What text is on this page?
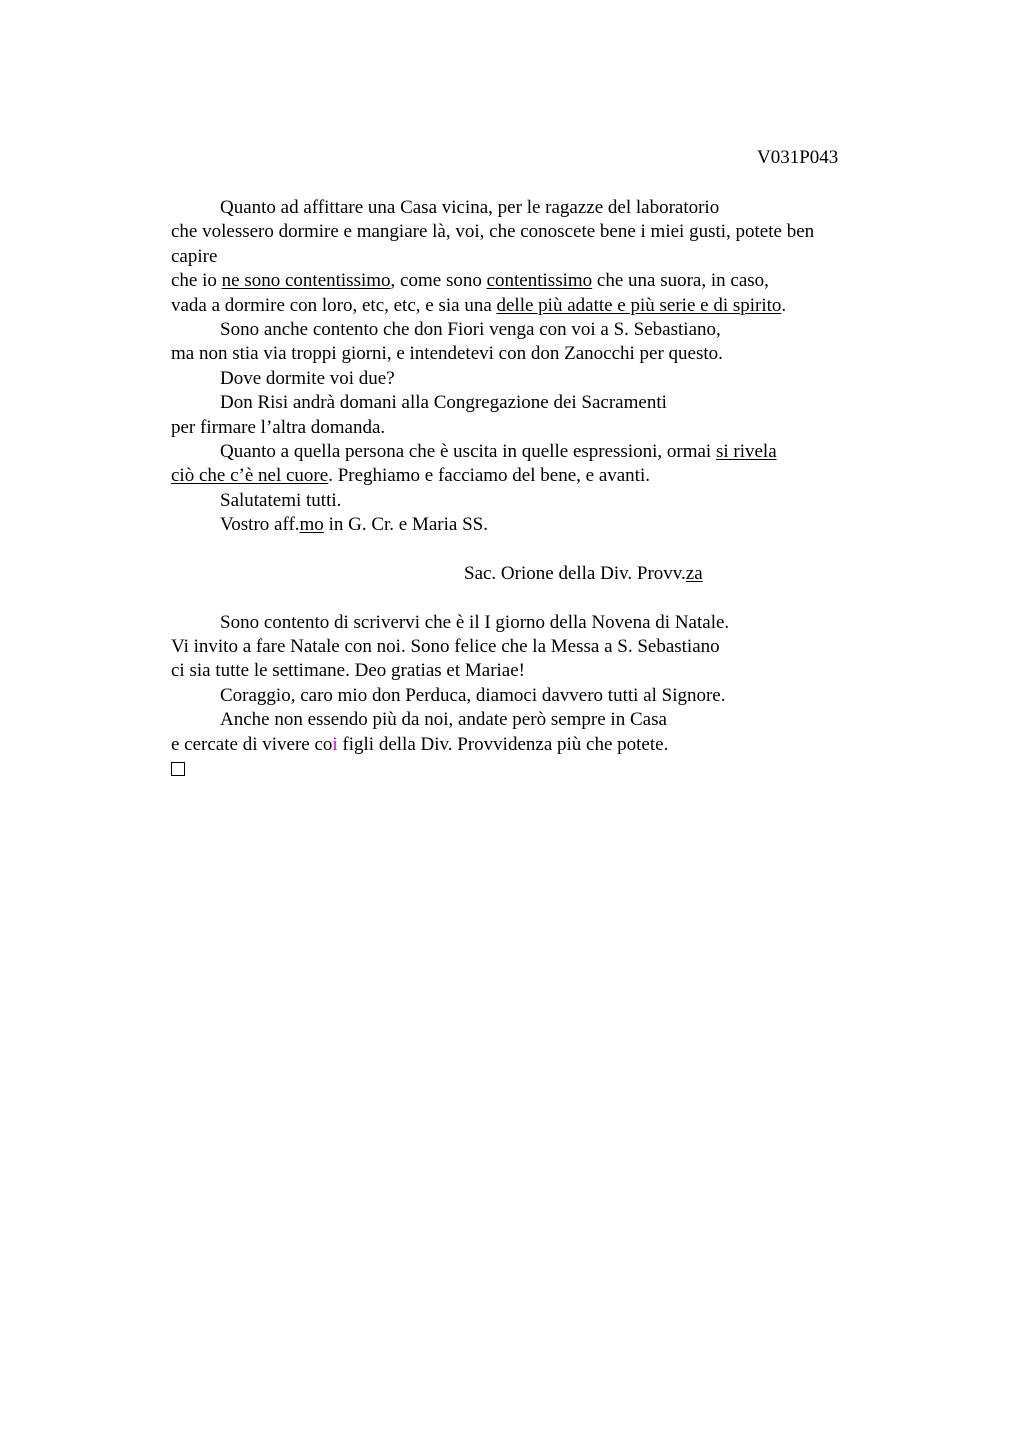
V031P043
Quanto ad affittare una Casa vicina, per le ragazze del laboratorio
che volessero dormire e mangiare là, voi, che conoscete bene i miei gusti, potete ben
capire
che io ne sono contentissimo, come sono contentissimo che una suora, in caso,
vada a dormire con loro, etc, etc, e sia una delle più adatte e più serie e di spirito.
Sono anche contento che don Fiori venga con voi a S. Sebastiano,
ma non stia via troppi giorni, e intendetevi con don Zanocchi per questo.
Dove dormite voi due?
Don Risi andrà domani alla Congregazione dei Sacramenti
per firmare l’altra domanda.
Quanto a quella persona che è uscita in quelle espressioni, ormai si rivela
ciò che c’è nel cuore. Preghiamo e facciamo del bene, e avanti.
Salutatemi tutti.
Vostro aff.mo in G. Cr. e Maria SS.
Sac. Orione della Div. Provv.za
Sono contento di scrivervi che è il I giorno della Novena di Natale.
Vi invito a fare Natale con noi. Sono felice che la Messa a S. Sebastiano
ci sia tutte le settimane. Deo gratias et Mariae!
Coraggio, caro mio don Perduca, diamoci davvero tutti al Signore.
Anche non essendo più da noi, andate però sempre in Casa
e cercate di vivere coi figli della Div. Provvidenza più che potete.
